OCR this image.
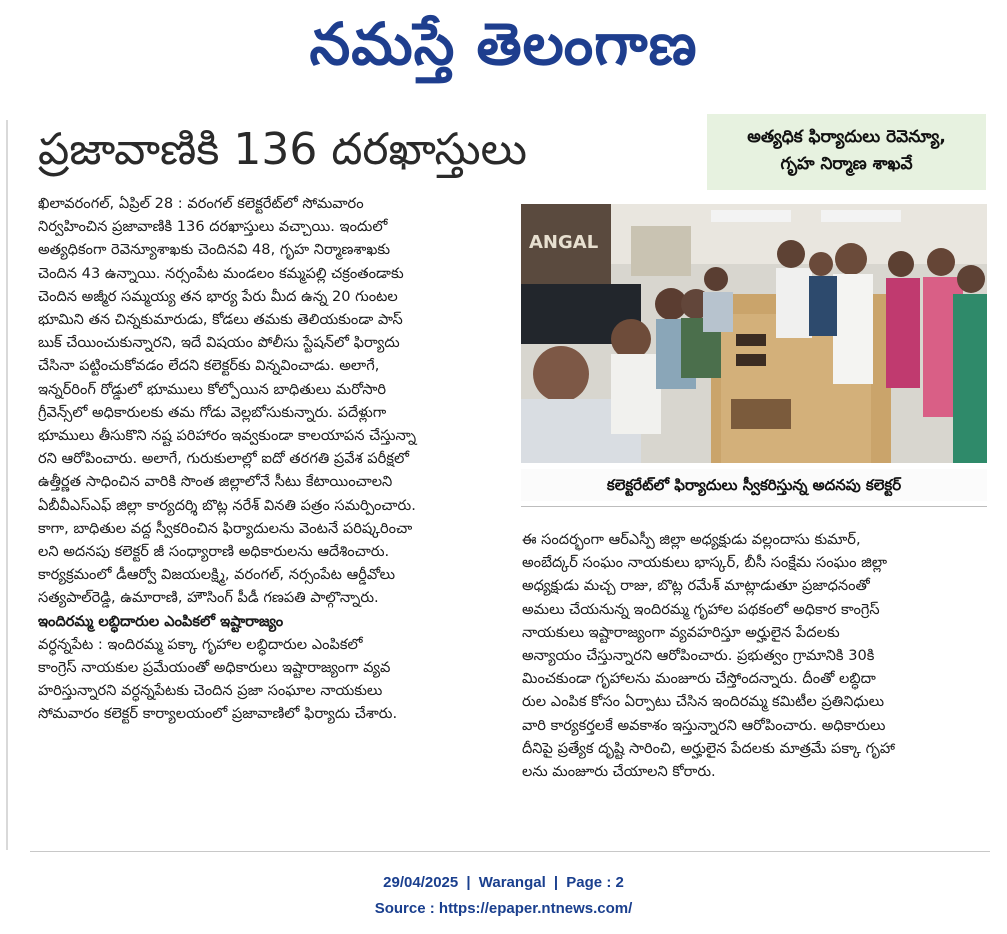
నమస్తే తెలంగాణ
ప్రజావాణికి 136 దరఖాస్తులు	అత్యధిక ఫిర్యాదులు రెవెన్యూ,
గృహ నిర్మాణ శాఖవే

ఖిలావరంగల్, ఏప్రిల్ 28 : వరంగల్ కలెక్టరేట్‌లో సోమవారం

నిర్వహించిన ప్రజావాణికి 136 దరఖాస్తులు వచ్చాయి. ఇందులో

అత్యధికంగా రెవెన్యూశాఖకు చెందినవి 48, గృహ నిర్మాణశాఖకు

చెందిన 43 ఉన్నాయి. నర్సంపేట మండలం కమ్మపల్లి చక్రంతండాకు

చెందిన అజ్మీర సమ్మయ్య తన భార్య పేరు మీద ఉన్న 20 గుంటల

భూమిని తన చిన్నకుమారుడు, కోడలు తమకు తెలియకుండా పాస్

బుక్ చేయించుకున్నారని, ఇదే విషయం పోలీసు స్టేషన్‌లో ఫిర్యాదు

చేసినా పట్టించుకోవడం లేదని కలెక్టర్‌కు విన్నవించాడు. అలాగే,

ఇన్నర్‌రింగ్ రోడ్డులో భూములు కోల్పోయిన బాధితులు మరోసారి

గ్రీవెన్స్‌లో అధికారులకు తమ గోడు వెల్లబోసుకున్నారు. పదేళ్లుగా

భూములు తీసుకొని నష్ట పరిహారం ఇవ్వకుండా కాలయాపన చేస్తున్నా

రని ఆరోపించారు. అలాగే, గురుకులాల్లో ఐదో తరగతి ప్రవేశ పరీక్షలో

ఉత్తీర్ణత సాధించిన వారికి సొంత జిల్లాలోనే సీటు కేటాయించాలని

ఏబీవీఎస్ఎఫ్ జిల్లా కార్యదర్శి బొట్ల నరేశ్ వినతి పత్రం సమర్పించారు.

కాగా, బాధితుల వద్ద స్వీకరించిన ఫిర్యాదులను వెంటనే పరిష్కరించా

లని అదనపు కలెక్టర్ జీ సంధ్యారాణి అధికారులను ఆదేశించారు.

కార్యక్రమంలో డీఆర్వో విజయలక్ష్మి, వరంగల్, నర్సంపేట ఆర్డీవోలు

సత్యపాల్‌రెడ్డి, ఉమారాణి, హౌసింగ్ పీడీ గణపతి పాల్గొన్నారు.

ఇందిరమ్మ లబ్ధిదారుల ఎంపికలో ఇష్టారాజ్యం

వర్ధన్నపేట : ఇందిరమ్మ పక్కా గృహాల లబ్ధిదారుల ఎంపికలో

కాంగ్రెస్ నాయకుల ప్రమేయంతో అధికారులు ఇష్టారాజ్యంగా వ్యవ

హరిస్తున్నారని వర్ధన్నపేటకు చెందిన ప్రజా సంఘాల నాయకులు

సోమవారం కలెక్టర్ కార్యాలయంలో ప్రజావాణిలో ఫిర్యాదు చేశారు.

ANGAL
కలెక్టరేట్‌లో ఫిర్యాదులు స్వీకరిస్తున్న అదనపు కలెక్టర్

ఈ సందర్భంగా ఆర్ఎస్పీ జిల్లా అధ్యక్షుడు వల్లందాసు కుమార్,

అంబేద్కర్ సంఘం నాయకులు భాస్కర్, బీసీ సంక్షేమ సంఘం జిల్లా

అధ్యక్షుడు మచ్చ రాజు, బొట్ల రమేశ్ మాట్లాడుతూ ప్రజాధనంతో

అమలు చేయనున్న ఇందిరమ్మ గృహాల పథకంలో అధికార కాంగ్రెస్

నాయకులు ఇష్టారాజ్యంగా వ్యవహరిస్తూ అర్హులైన పేదలకు

అన్యాయం చేస్తున్నారని ఆరోపించారు. ప్రభుత్వం గ్రామానికి 30కి

మించకుండా గృహాలను మంజూరు చేస్తోందన్నారు. దీంతో లబ్ధిదా

రుల ఎంపిక కోసం ఏర్పాటు చేసిన ఇందిరమ్మ కమిటీల ప్రతినిధులు

వారి కార్యకర్తలకే అవకాశం ఇస్తున్నారని ఆరోపించారు. అధికారులు

దీనిపై ప్రత్యేక దృష్టి సారించి, అర్హులైన పేదలకు మాత్రమే పక్కా గృహా

లను మంజూరు చేయాలని కోరారు.

29/04/2025 | Warangal | Page : 2
Source : https://epaper.ntnews.com/
